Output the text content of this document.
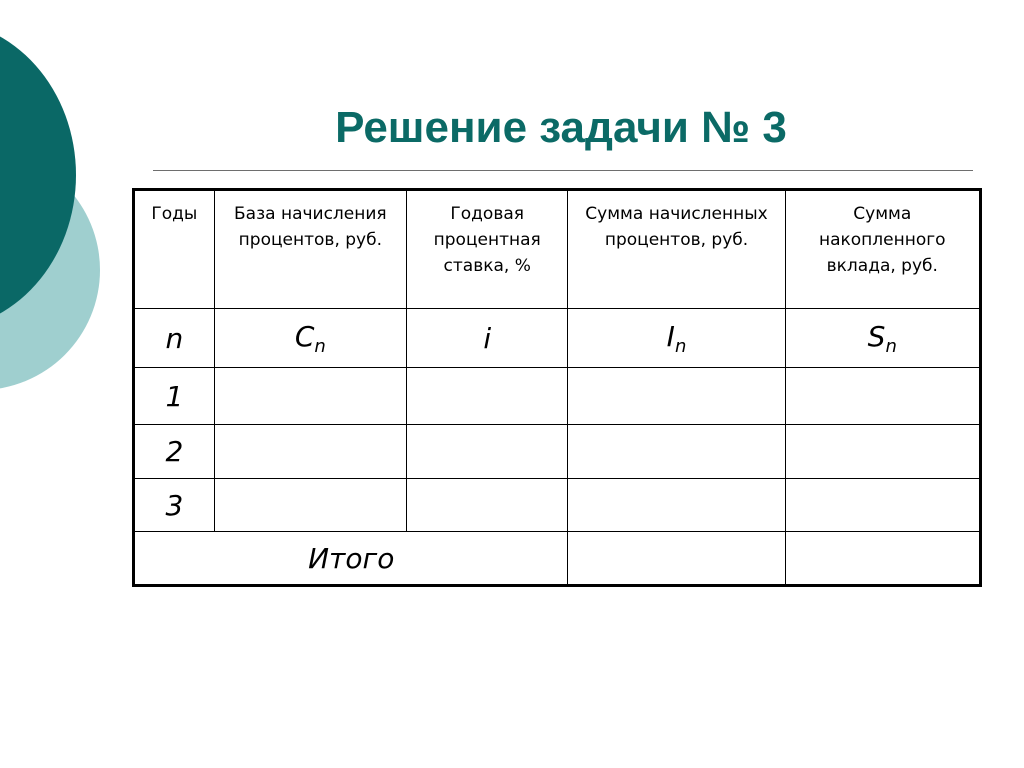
Решение задачи № 3
Годы	База начисления процентов, руб.	Годовая процентная ставка, %	Сумма начисленных процентов, руб.	Сумма накопленного вклада, руб.

n	$C_n$	i	$I_n$	$S_n$
1				
2				
3				
Итого				
